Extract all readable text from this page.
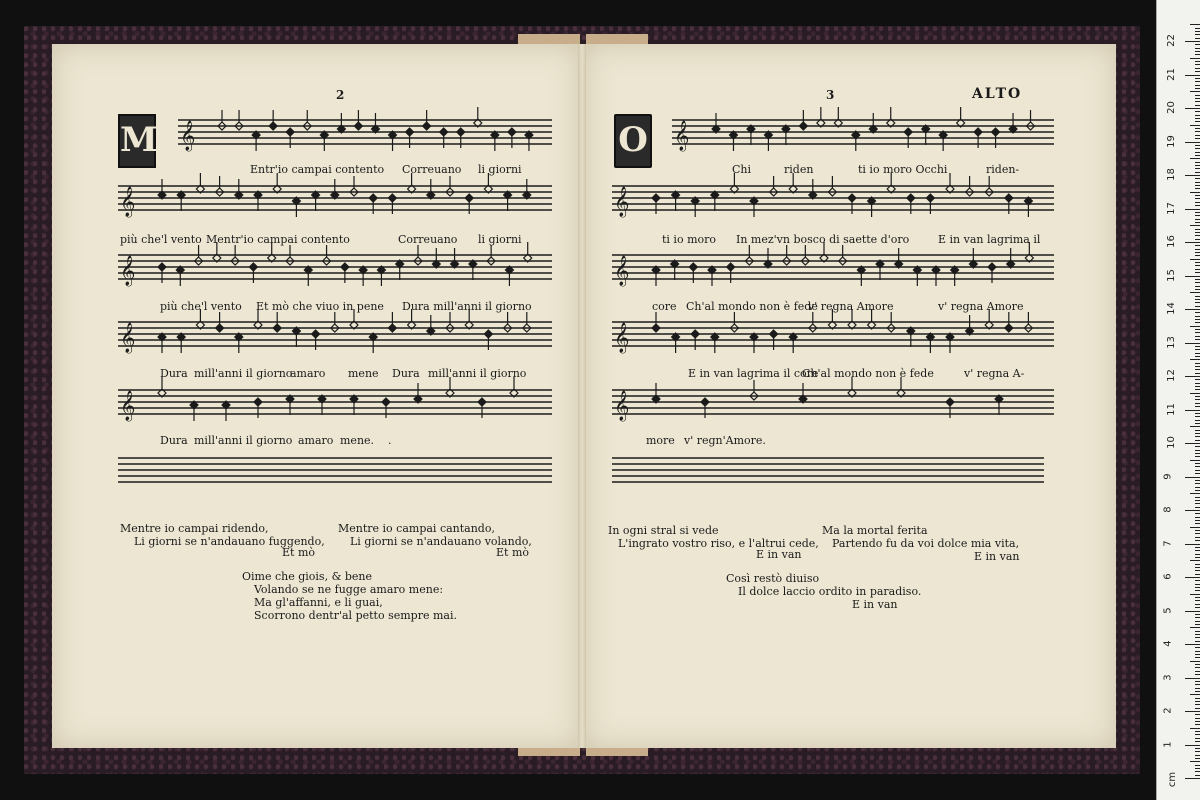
𝄞
𝄞
𝄞
𝄞
𝄞
𝄞
𝄞
𝄞
𝄞
𝄞
2	3	ALTO
M	O
Entr'io campai contento Correuano li giorni
più che'l vento Mentr'io campai contento	Correuano li giorni
più che'l vento Et mò che viuo in pene Dura mill'anni il giorno
Dura mill'anni il giorno
amaro mene Dura mill'anni il giorno
Dura mill'anni il giorno amaro mene. .
Chi	riden	ti io moro Occhi	riden-
ti io moro In mez'vn bosco di saette d'oro	E in van lagrima il
core Ch'al mondo non è fede
v' regna Amore	v' regna Amore
E in van lagrima il core
Ch'al mondo non è fede	v' regna A-
more v' regn'Amore.
Mentre io campai ridendo,
Li giorni se n'andauano fuggendo,
Et mò
Mentre io campai cantando,
Li giorni se n'andauano volando,
Et mò
Oime che giois, & bene
Volando se ne fugge amaro mene:
Ma gl'affanni, e li guai,
Scorrono dentr'al petto sempre mai.
In ogni stral si vede
L'ingrato vostro riso, e l'altrui cede,
E in van
Ma la mortal ferita
Partendo fu da voi dolce mia vita,
E in van
Così restò diuiso
Il dolce laccio ordito in paradiso.
E in van
1
2
3
4
5
6
7
8
9
10
11
12
13
14
15
16
17
18
19
20
21
22
cm
